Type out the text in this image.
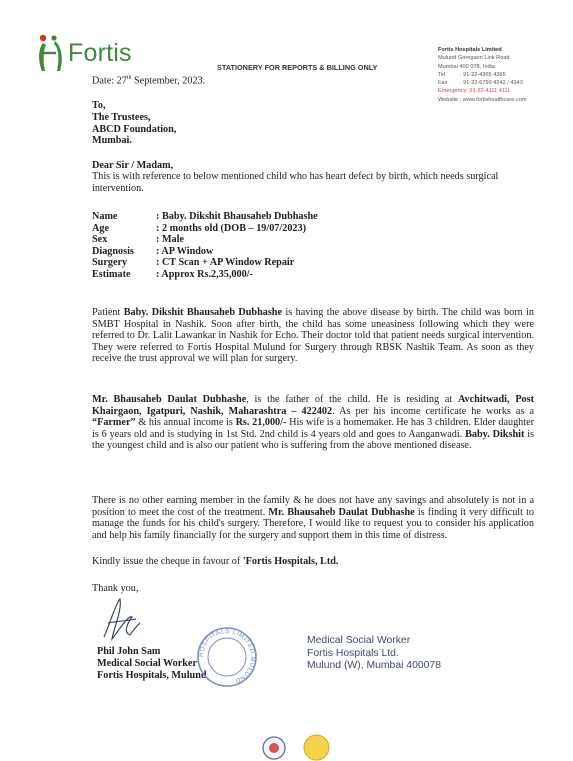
Fortis
STATIONERY FOR REPORTS & BILLING ONLY
Fortis Hospitals Limited
Mulund Goregaon Link Road
Mumbai 400 078, India.
Tel	: 91-22-4365 4365
Fax	: 91-22-6799 4242 / 4343
Emergency: 91-22-4111 4111
Website : www.fortishealthcare.com
Date: 27th September, 2023.
To,
The Trustees,
ABCD Foundation,
Mumbai.
Dear Sir / Madam,
This is with reference to below mentioned child who has heart defect by birth, which needs surgical intervention.
Name	: Baby. Dikshit Bhausaheb Dubhashe
Age	: 2 months old (DOB – 19/07/2023)
Sex	: Male
Diagnosis	: AP Window
Surgery	: CT Scan + AP Window Repair
Estimate	: Approx Rs.2,35,000/-
Patient Baby. Dikshit Bhausaheb Dubhashe is having the above disease by birth. The child was born in SMBT Hospital in Nashik. Soon after birth, the child has some uneasiness following which they were referred to Dr. Lalit Lawankar in Nashik for Echo. Their doctor told that patient needs surgical intervention. They were referred to Fortis Hospital Mulund for Surgery through RBSK Nashik Team. As soon as they receive the trust approval we will plan for surgery.
Mr. Bhausaheb Daulat Dubhashe, is the father of the child. He is residing at Avchitwadi, Post Khairgaon, Igatpuri, Nashik, Maharashtra – 422402. As per his income certificate he works as a “Farmer” & his annual income is Rs. 21,000/- His wife is a homemaker. He has 3 children. Elder daughter is 6 years old and is studying in 1st Std. 2nd child is 4 years old and goes to Aanganwadi. Baby. Dikshit is the youngest child and is also our patient who is suffering from the above mentioned disease.
There is no other earning member in the family & he does not have any savings and absolutely is not in a position to meet the cost of the treatment. Mr. Bhausaheb Daulat Dubhashe is finding it very difficult to manage the funds for his child's surgery. Therefore, I would like to request you to consider his application and help his family financially for the surgery and support them in this time of distress.
Kindly issue the cheque in favour of 'Fortis Hospitals, Ltd.
Thank you,
Phil John Sam
Medical Social Worker
Fortis Hospitals, Mulund
HOSPITALS LIMITED MULUND
Medical Social Worker
Fortis Hospitals Ltd.
Mulund (W), Mumbai 400078
